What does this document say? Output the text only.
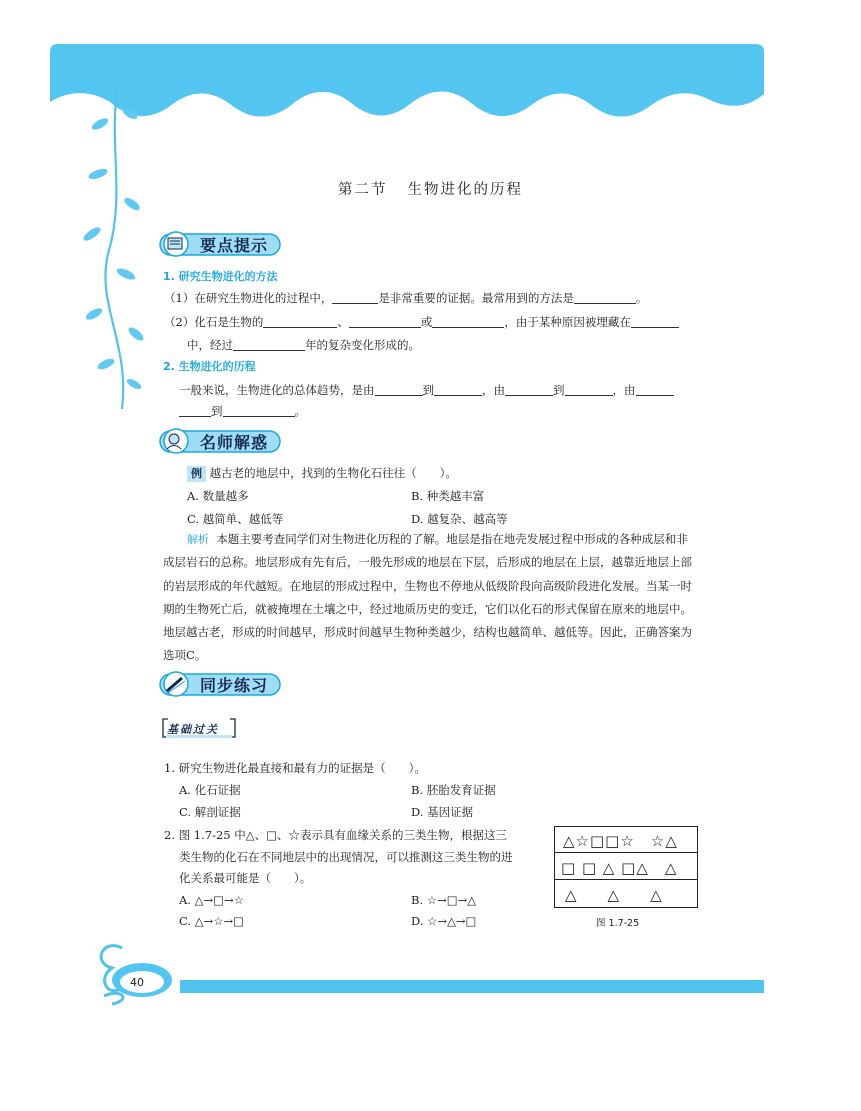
第二节 生物进化的历程
要点提示
1. 研究生物进化的方法
（1）在研究生物进化的过程中，	是非常重要的证据。最常用到的方法是	。
（2）化石是生物的	、	或	，由于某种原因被埋藏在
中，经过	年的复杂变化形成的。
2. 生物进化的历程
一般来说，生物进化的总体趋势，是由	到	，由	到	，由
到	。
名师解惑
例 越古老的地层中，找到的生物化石往往（　　）。
A. 数量越多	B. 种类越丰富
C. 越简单、越低等	D. 越复杂、越高等
解析 本题主要考查同学们对生物进化历程的了解。地层是指在地壳发展过程中形成的各种成层和非成层岩石的总称。地层形成有先有后，一般先形成的地层在下层，后形成的地层在上层，越靠近地层上部的岩层形成的年代越短。在地层的形成过程中，生物也不停地从低级阶段向高级阶段进化发展。当某一时期的生物死亡后，就被掩埋在土壤之中，经过地质历史的变迁，它们以化石的形式保留在原来的地层中。地层越古老，形成的时间越早，形成时间越早生物种类越少，结构也越简单、越低等。因此，正确答案为选项C。
同步练习
基础过关
1. 研究生物进化最直接和最有力的证据是（　　）。
A. 化石证据	B. 胚胎发育证据
C. 解剖证据	D. 基因证据
2. 图 1.7-25 中△、□、☆表示具有血缘关系的三类生物，根据这三
类生物的化石在不同地层中的出现情况，可以推测这三类生物的进
化关系最可能是（　　）。
A. △→□→☆	B. ☆→□→△
C. △→☆→□	D. ☆→△→□
△☆□□☆　☆△
□ □ △ □△　△
△　△　△
图 1.7-25
40
